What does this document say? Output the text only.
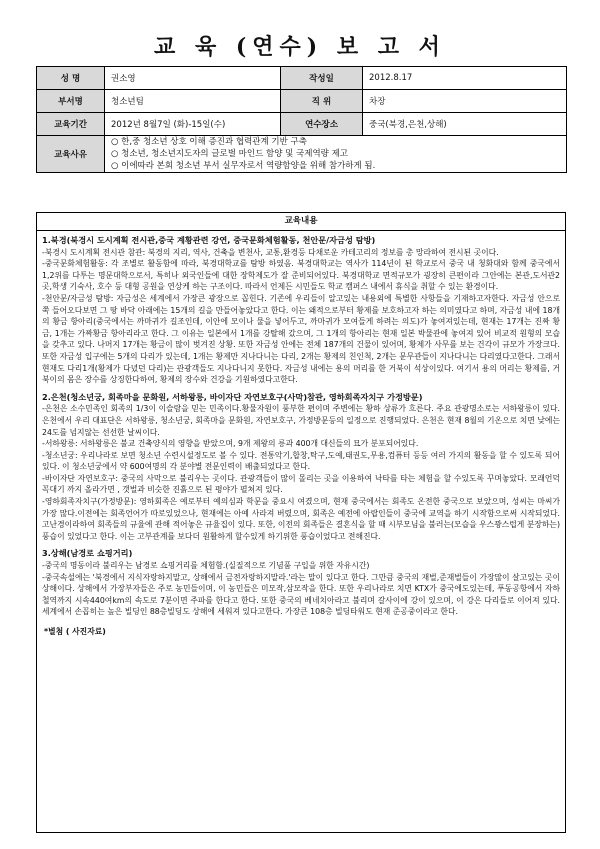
교 육 (연수) 보 고 서
성 명	권소영	작성일	2012.8.17
부서명	청소년팀	직 위	차장
교육기간	2012년 8월7일 (화)-15일(수)	연수장소	중국(북경,은천,상해)
교육사유	○ 한,중 청소년 상호 이해 증진과 협력관계 기반 구축
○ 청소년, 청소년지도자의 글로벌 마인드 함양 및 국제역량 제고
○ 이에따라 본회 청소년 부서 실무자로서 역량함양을 위해 참가하게 됨.		
교육내용
1.북경(북경시 도시계획 전시관,중국 계황관련 강연, 중국문화체험활동, 천안문/자금성 탐방)
-북경시 도시계획 전시관 참관: 북경의 지리, 역사, 건축을 변천사, 교통,환경등 다채로운 카테고리의 정보를 총 망라하여 전시된 곳이다.
-중국문화체험활동: 각 조별로 활동함에 따라, 북경대학교를 탐방 하였음. 북경대학교는 역사가 114년이 된 학교로서 중국 내 청화대와 함께 중국에서 1,2위를 다투는 명문대학으로서, 특히나 외국인들에 대한 장학제도가 잘 준비되어있다. 북경대학교 면적규모가 굉장히 큰편이라 그안에는 본관,도서관2곳,학생 기숙사, 호수 등 대형 공원을 연상케 하는 구조이다. 따라서 언제든 시민들도 학교 캠퍼스 내에서 휴식을 취할 수 있는 환경이다.
-천안문/자금성 탐방: 자금성은 세계에서 가장큰 광장으로 꼽힌다. 기존에 우리들이 알고있는 내용외에 특별한 사항들을 기재하고자한다. 자금성 안으로 쭉 들어오다보면 그 땅 바닥 아래에는 15개의 길을 만들어놓았다고 한다. 이는 왜적으로부터 황제를 보호하고자 하는 의미였다고 하며, 자금성 내에 18개의 황금 항아리(중국에서는 까마귀가 길조인데, 이안에 모이나 물을 넣어두고, 까마귀가 모여들게 하려는 의도)가 놓여져있는데, 현재는 17개는 진짜 황금, 1개는 가짜황금 항아리라고 한다. 그 이유는 일본에서 1개를 강탈해 갔으며, 그 1개의 항아리는 현재 일본 박물관에 놓여져 있어 비교적 원형의 모습을 갖추고 있다. 나머지 17개는 황금이 많이 벗겨진 상황. 또한 자금성 안에는 전체 187개의 건물이 있어며, 황제가 사무를 보는 건각이 규모가 가장크다. 또한 자금성 입구에는 5개의 다리가 있는데, 1개는 황제만 지나다니는 다리, 2개는 황제의 친인척, 2개는 문무관들이 지나다니는 다리였다고한다. 그래서 현재도 다리1개(황제가 다녔던 다리)는 관광객들도 지나다니지 못한다. 자금성 내에는 용의 머리를 한 거북이 석상이있다. 여기서 용의 머리는 황제를, 거북이의 몸은 장수를 상징한다하여, 황제의 장수와 건강을 기원하였다고한다.
2.은천(청소년궁, 회족마을 문화원, 서하왕릉, 바이자단 자연보호구(사막)참관, 영하회족자치구 가정방문)
-은천은 소수민족인 회족의 1/3이 이슬람을 믿는 민족이다.황물자원이 풍부한 편이며 주변에는 황하 상류가 흐른다. 주요 관광명소로는 서하왕릉이 있다. 은천에서 우리 대표단은 서하왕릉, 청소년궁, 회족마을 문화원, 자연보호구, 가정방문등의 일정으로 진행되었다. 은천은 현재 8월의 기온으로 치면 낮에는 24도를 넘지않는 선선한 날씨이다.
-서하왕릉: 서하왕릉은 불교 건축양식의 영향을 받았으며, 9개 제왕의 릉과 400개 대신들의 묘가 분포되어있다.
-청소년궁: 우리나라로 보면 청소년 수련시설정도로 볼 수 있다. 전통악기,합창,탁구,도예,태권도,무용,컴퓨터 등등 여러 가지의 활동을 할 수 있도록 되어있다. 이 청소년궁에서 약 600여명의 각 분야별 전문인력이 배출되었다고 한다.
-바이자단 자연보호구: 중국의 사막으로 불리우는 곳이다. 관광객들이 많이 몰리는 곳을 이용하여 낙타를 타는 체험을 할 수있도록 꾸며놓았다. 모래언덕꼭대기 까지 올라가면 , 갯벌과 비슷한 진흙으로 된 평야가 펼쳐져 있다.
-영하회족자치구(가정방문): 영하회족은 예로부터 예의심과 학문을 중요시 여겼으며, 현재 중국에서는 회족도 온전한 중국으로 보았으며, 성씨는 마씨가 가장 많다.이전에는 회족언어가 따로있었으나, 현재에는 아예 사라져 버렸으며, 회족은 예전에 아랍인들이 중국에 교역을 하기 시작함으로써 시작되었다. 고난경이라하여 회족들의 규율에 관해 적어놓은 규율집이 있다. 또한, 이전의 회족들은 결혼식을 할 때 시부모님을 불러는(모습을 우스꽝스럽게 분장하는) 풍습이 있었다고 한다. 이는 고부관계를 보다더 원활하게 할수있게 하기위한 풍습이었다고 전해진다.
3.상해(남경로 쇼핑거리)
-중국의 명동이라 불리우는 남경로 쇼핑거리를 체험함.(실질적으로 기념품 구입을 위한 자유시간)
-중국속설에는 '북경에서 지식자랑하지말고, 상해에서 금전자랑하지말라.'라는 말이 있다고 한다. 그만큼 중국의 재벌,준재벌들이 가장많이 살고있는 곳이 상해이다. 상해에서 가장부자들은 주로 농민들이며, 이 농민들은 미모작,삼모작을 한다. 또한 우리나라로 치면 KTX가 중국에도있는데, 푸동공항에서 자하철역까지 시속440여km의 속도로 7분이면 주파를 한다고 한다. 또한 중국의 베네치아라고 불리며 갈사이에 강이 있으며, 이 강은 다리들로 이어져 있다. 세계에서 손꼽히는 높은 빌딩인 88층빌딩도 상해에 세워져 있다고한다. 가장큰 108층 빌딩타워도 현재 준공중이라고 한다.
*별첨 ( 사진자료)
